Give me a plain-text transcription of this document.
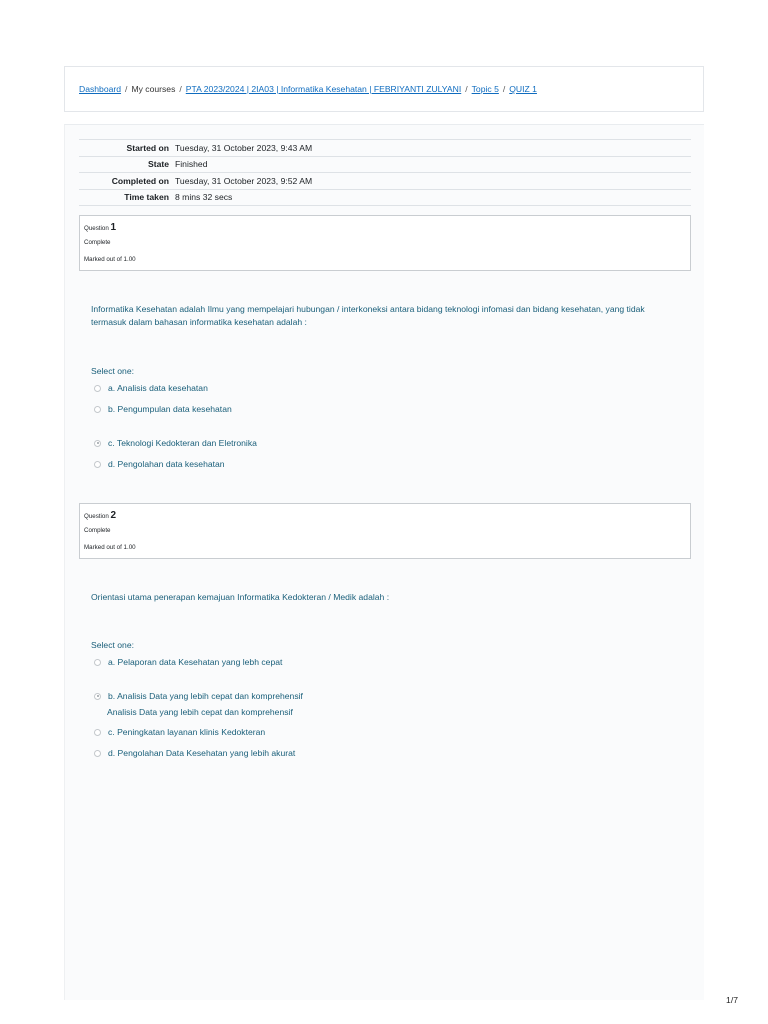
Dashboard / My courses / PTA 2023/2024 | 2IA03 | Informatika Kesehatan | FEBRIYANTI ZULYANI / Topic 5 / QUIZ 1
Started on	Tuesday, 31 October 2023, 9:43 AM
State	Finished
Completed on	Tuesday, 31 October 2023, 9:52 AM
Time taken	8 mins 32 secs
Question 1
Complete
Marked out of 1.00
Informatika Kesehatan adalah Ilmu yang mempelajari hubungan / interkoneksi antara bidang teknologi infomasi dan bidang kesehatan, yang tidak termasuk dalam bahasan informatika kesehatan adalah :
Select one:
a. Analisis data kesehatan
b. Pengumpulan data kesehatan
c. Teknologi Kedokteran dan Eletronika
d. Pengolahan data kesehatan
Question 2
Complete
Marked out of 1.00
Orientasi utama penerapan kemajuan Informatika Kedokteran / Medik adalah :
Select one:
a. Pelaporan data Kesehatan yang lebh cepat
b. Analisis Data yang lebih cepat dan komprehensif
Analisis Data yang lebih cepat dan komprehensif
c. Peningkatan layanan klinis Kedokteran
d. Pengolahan Data Kesehatan yang lebih akurat
1/7
